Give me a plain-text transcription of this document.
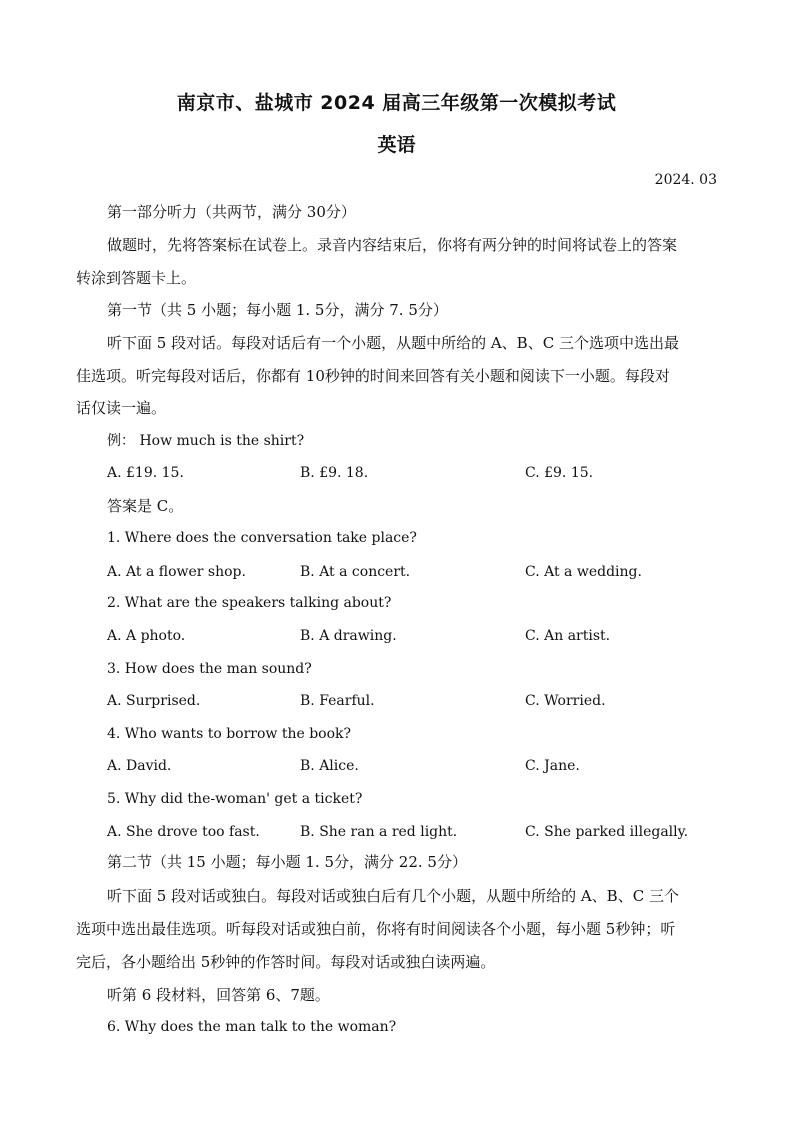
南京市、盐城市 2024 届高三年级第一次模拟考试
英语
2024. 03
第一部分听力（共两节，满分 30分）
做题时，先将答案标在试卷上。录音内容结束后，你将有两分钟的时间将试卷上的答案
转涂到答题卡上。
第一节（共 5 小题；每小题 1. 5分，满分 7. 5分）
听下面 5 段对话。每段对话后有一个小题，从题中所给的 A、B、C 三个选项中选出最
佳选项。听完每段对话后，你都有 10秒钟的时间来回答有关小题和阅读下一小题。每段对
话仅读一遍。
例： How much is the shirt?
A. £19. 15.	B. £9. 18.	C. £9. 15.
答案是 C。
1. Where does the conversation take place?
A. At a flower shop.	B. At a concert.	C. At a wedding.
2. What are the speakers talking about?
A. A photo.	B. A drawing.	C. An artist.
3. How does the man sound?
A. Surprised.	B. Fearful.	C. Worried.
4. Who wants to borrow the book?
A. David.	B. Alice.	C. Jane.
5. Why did the-woman' get a ticket?
A. She drove too fast.	B. She ran a red light.	C. She parked illegally.
第二节（共 15 小题；每小题 1. 5分，满分 22. 5分）
听下面 5 段对话或独白。每段对话或独白后有几个小题，从题中所给的 A、B、C 三个
选项中选出最佳选项。听每段对话或独白前，你将有时间阅读各个小题，每小题 5秒钟；听
完后，各小题给出 5秒钟的作答时间。每段对话或独白读两遍。
听第 6 段材料，回答第 6、7题。
6. Why does the man talk to the woman?
